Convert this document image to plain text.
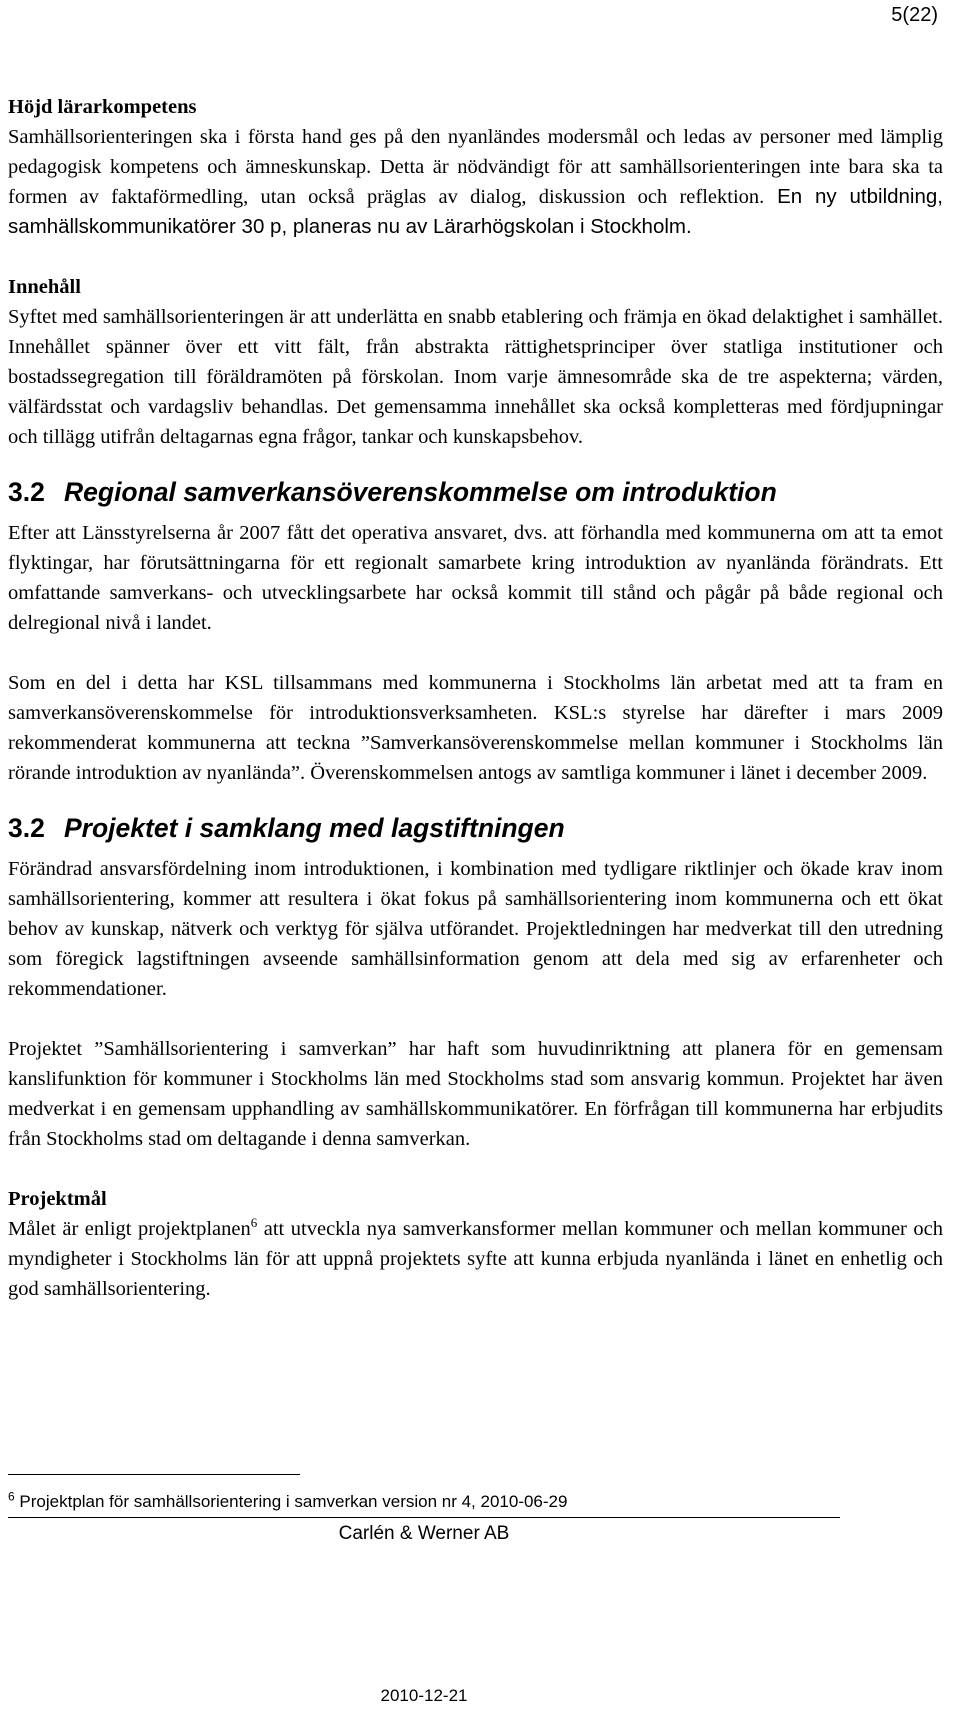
5(22)

Höjd lärarkompetens

Samhällsorienteringen ska i första hand ges på den nyanländes modersmål och ledas av personer med lämplig pedagogisk kompetens och ämneskunskap. Detta är nödvändigt för att samhällsorienteringen inte bara ska ta formen av faktaförmedling, utan också präglas av dialog, diskussion och reflektion. En ny utbildning, samhällskommunikatörer 30 p, planeras nu av Lärarhögskolan i Stockholm.

Innehåll

Syftet med samhällsorienteringen är att underlätta en snabb etablering och främja en ökad delaktighet i samhället. Innehållet spänner över ett vitt fält, från abstrakta rättighetsprinciper över statliga institutioner och bostadssegregation till föräldramöten på förskolan. Inom varje ämnesområde ska de tre aspekterna; värden, välfärdsstat och vardagsliv behandlas. Det gemensamma innehållet ska också kompletteras med fördjupningar och tillägg utifrån deltagarnas egna frågor, tankar och kunskapsbehov.

3.2 Regional samverkansöverenskommelse om introduktion

Efter att Länsstyrelserna år 2007 fått det operativa ansvaret, dvs. att förhandla med kommunerna om att ta emot flyktingar, har förutsättningarna för ett regionalt samarbete kring introduktion av nyanlända förändrats. Ett omfattande samverkans- och utvecklingsarbete har också kommit till stånd och pågår på både regional och delregional nivå i landet.

Som en del i detta har KSL tillsammans med kommunerna i Stockholms län arbetat med att ta fram en samverkansöverenskommelse för introduktionsverksamheten. KSL:s styrelse har därefter i mars 2009 rekommenderat kommunerna att teckna ”Samverkansöverenskommelse mellan kommuner i Stockholms län rörande introduktion av nyanlända”. Överenskommelsen antogs av samtliga kommuner i länet i december 2009.

3.2 Projektet i samklang med lagstiftningen

Förändrad ansvarsfördelning inom introduktionen, i kombination med tydligare riktlinjer och ökade krav inom samhällsorientering, kommer att resultera i ökat fokus på samhällsorientering inom kommunerna och ett ökat behov av kunskap, nätverk och verktyg för själva utförandet. Projektledningen har medverkat till den utredning som föregick lagstiftningen avseende samhällsinformation genom att dela med sig av erfarenheter och rekommendationer.

Projektet ”Samhällsorientering i samverkan” har haft som huvudinriktning att planera för en gemensam kanslifunktion för kommuner i Stockholms län med Stockholms stad som ansvarig kommun. Projektet har även medverkat i en gemensam upphandling av samhällskommunikatörer. En förfrågan till kommunerna har erbjudits från Stockholms stad om deltagande i denna samverkan.

Projektmål

Målet är enligt projektplanen$^6$ att utveckla nya samverkansformer mellan kommuner och mellan kommuner och myndigheter i Stockholms län för att uppnå projektets syfte att kunna erbjuda nyanlända i länet en enhetlig och god samhällsorientering.

$^6$ Projektplan för samhällsorientering i samverkan version nr 4, 2010-06-29
Carlén & Werner AB
2010-12-21
